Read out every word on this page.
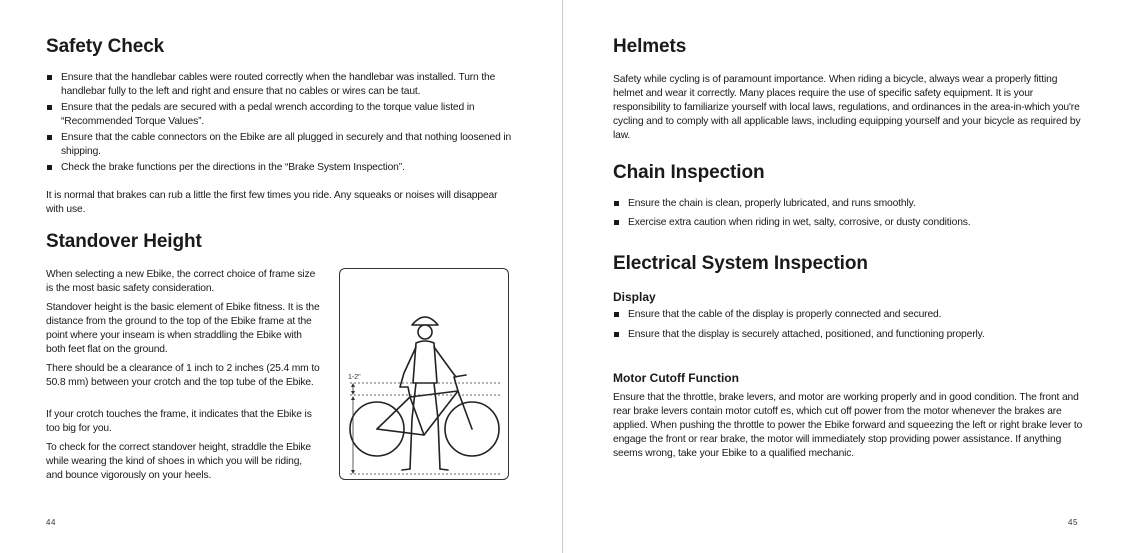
Safety Check
Ensure that the handlebar cables were routed correctly when the handlebar was installed. Turn the handlebar fully to the left and right and ensure that no cables or wires can be taut.
Ensure that the pedals are secured with a pedal wrench according to the torque value listed in “Recommended Torque Values”.
Ensure that the cable connectors on the Ebike are all plugged in securely and that nothing loosened in shipping.
Check the brake functions per the directions in the “Brake System Inspection”.

It is normal that brakes can rub a little the first few times you ride. Any squeaks or noises will disappear with use.

Standover Height

When selecting a new Ebike, the correct choice of frame size is the most basic safety consideration.

Standover height is the basic element of Ebike fitness. It is the distance from the ground to the top of the Ebike frame at the point where your inseam is when straddling the Ebike with both feet flat on the ground.

There should be a clearance of 1 inch to 2 inches (25.4 mm to 50.8 mm) between your crotch and the top tube of the Ebike.

If your crotch touches the frame, it indicates that the Ebike is too big for you.

To check for the correct standover height, straddle the Ebike while wearing the kind of shoes in which you will be riding, and bounce vigorously on your heels.

1-2"
44
Helmets

Safety while cycling is of paramount importance. When riding a bicycle, always wear a properly fitting helmet and wear it correctly. Many places require the use of specific safety equipment. It is your responsibility to familiarize yourself with local laws, regulations, and ordinances in the area-in-which you're cycling and to comply with all applicable laws, including equipping yourself and your bicycle as required by law.

Chain Inspection
Ensure the chain is clean, properly lubricated, and runs smoothly.
Exercise extra caution when riding in wet, salty, corrosive, or dusty conditions.
Electrical System Inspection
Display
Ensure that the cable of the display is properly connected and secured.
Ensure that the display is securely attached, positioned, and functioning properly.
Motor Cutoff Function

Ensure that the throttle, brake levers, and motor are working properly and in good condition. The front and rear brake levers contain motor cutoff es, which cut off power from the motor whenever the brakes are applied. When pushing the throttle to power the Ebike forward and squeezing the left or right brake lever to engage the front or rear brake, the motor will immediately stop providing power assistance. If anything seems wrong, take your Ebike to a qualified mechanic.

45
